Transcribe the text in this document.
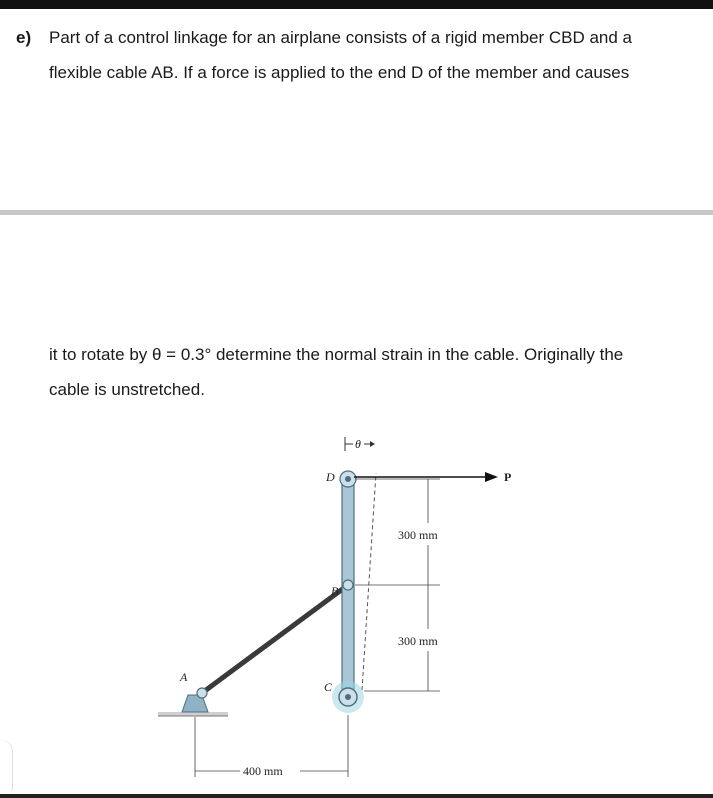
e) Part of a control linkage for an airplane consists of a rigid member CBD and a
flexible cable AB. If a force is applied to the end D of the member and causes
it to rotate by θ = 0.3° determine the normal strain in the cable. Originally the
cable is unstretched.
P
θ
D
B
C
A
300 mm
300 mm
400 mm
